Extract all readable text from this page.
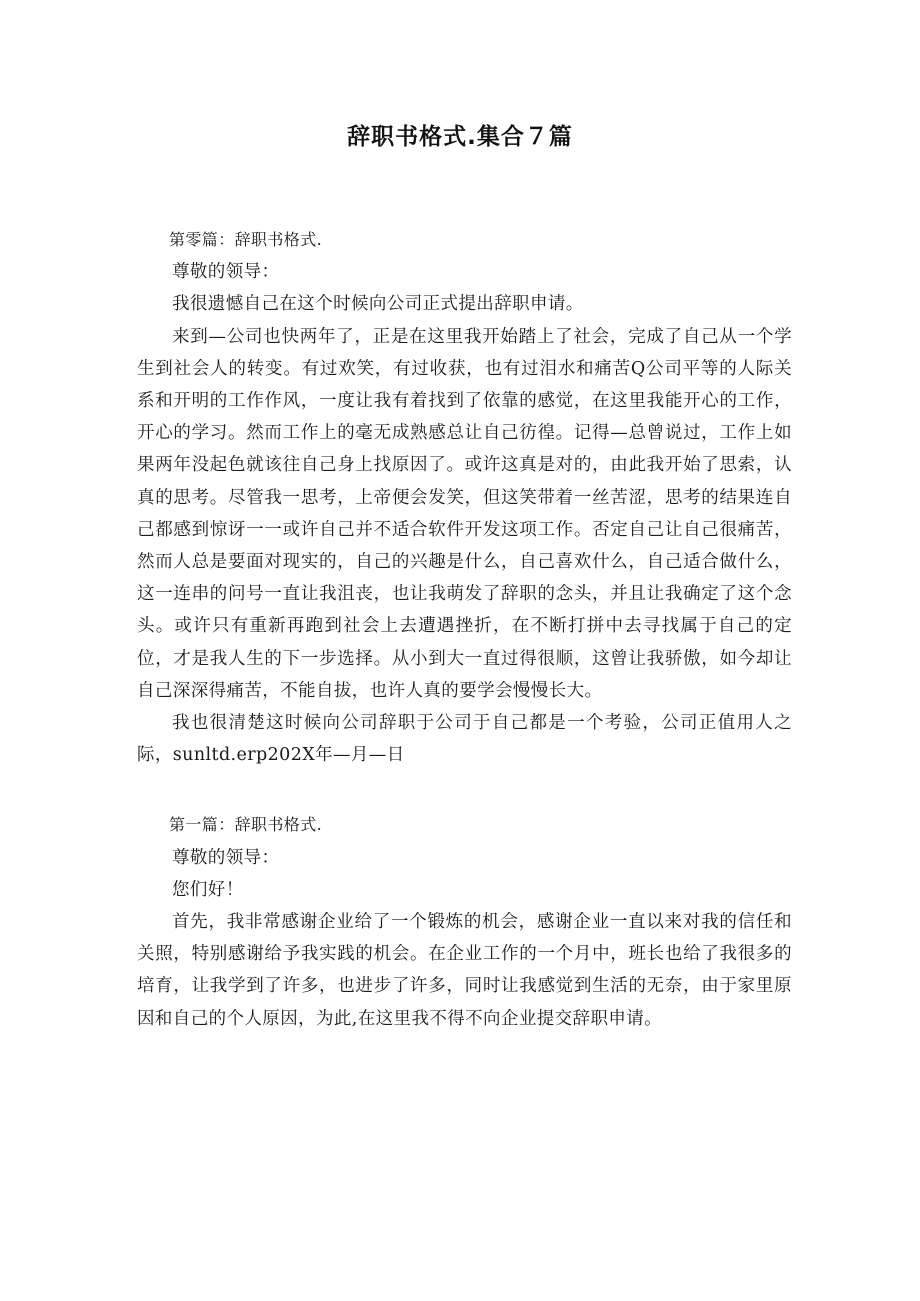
辞职书格式.集合７篇

第零篇：辞职书格式.

尊敬的领导：

我很遗憾自己在这个时候向公司正式提出辞职申请。

来到—公司也快两年了，正是在这里我开始踏上了社会，完成了自己从一个学生到社会人的转变。有过欢笑，有过收获，也有过泪水和痛苦Q公司平等的人际关系和开明的工作作风，一度让我有着找到了依靠的感觉，在这里我能开心的工作，开心的学习。然而工作上的毫无成熟感总让自己彷徨。记得—总曾说过，工作上如果两年没起色就该往自己身上找原因了。或许这真是对的，由此我开始了思索，认真的思考。尽管我一思考，上帝便会发笑，但这笑带着一丝苦涩，思考的结果连自己都感到惊讶一一或许自己并不适合软件开发这项工作。否定自己让自己很痛苦，然而人总是要面对现实的，自己的兴趣是什么，自己喜欢什么，自己适合做什么，这一连串的问号一直让我沮丧，也让我萌发了辞职的念头，并且让我确定了这个念头。或许只有重新再跑到社会上去遭遇挫折，在不断打拼中去寻找属于自己的定位，才是我人生的下一步选择。从小到大一直过得很顺，这曾让我骄傲，如今却让自己深深得痛苦，不能自拔，也许人真的要学会慢慢长大。

我也很清楚这时候向公司辞职于公司于自己都是一个考验，公司正值用人之际，sunltd.erp202X年—月—日

第一篇：辞职书格式.

尊敬的领导：

您们好！

首先，我非常感谢企业给了一个锻炼的机会，感谢企业一直以来对我的信任和关照，特别感谢给予我实践的机会。在企业工作的一个月中，班长也给了我很多的培育，让我学到了许多，也进步了许多，同时让我感觉到生活的无奈，由于家里原因和自己的个人原因，为此,在这里我不得不向企业提交辞职申请。
